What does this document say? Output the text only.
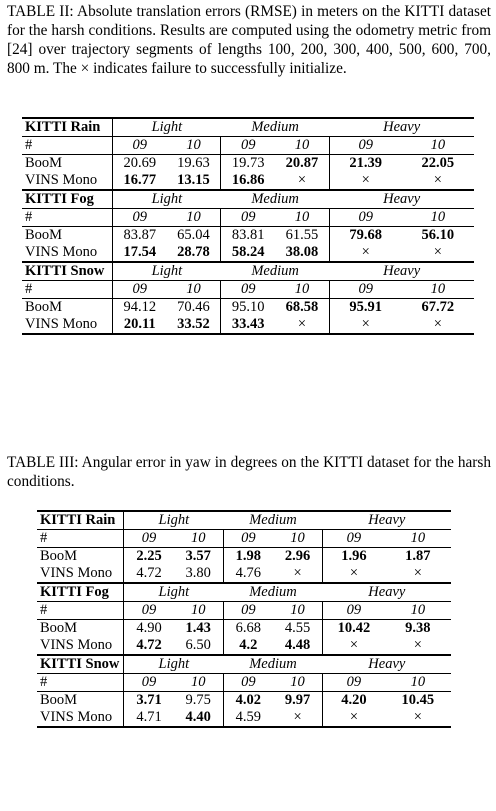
TABLE II: Absolute translation errors (RMSE) in meters on the KITTI dataset for the harsh conditions. Results are computed using the odometry metric from [24] over trajectory segments of lengths 100, 200, 300, 400, 500, 600, 700, 800 m. The × indicates failure to successfully initialize.
KITTI Rain	Light		Medium		Heavy	
#	09	10	09	10	09	10
BooM	20.69	19.63	19.73	20.87	21.39	22.05
VINS Mono	16.77	13.15	16.86	×	×	×
KITTI Fog	Light		Medium		Heavy	
#	09	10	09	10	09	10
BooM	83.87	65.04	83.81	61.55	79.68	56.10
VINS Mono	17.54	28.78	58.24	38.08	×	×
KITTI Snow	Light		Medium		Heavy	
#	09	10	09	10	09	10
BooM	94.12	70.46	95.10	68.58	95.91	67.72
VINS Mono	20.11	33.52	33.43	×	×	×
TABLE III: Angular error in yaw in degrees on the KITTI dataset for the harsh conditions.
KITTI Rain	Light		Medium		Heavy	
#	09	10	09	10	09	10
BooM	2.25	3.57	1.98	2.96	1.96	1.87
VINS Mono	4.72	3.80	4.76	×	×	×
KITTI Fog	Light		Medium		Heavy	
#	09	10	09	10	09	10
BooM	4.90	1.43	6.68	4.55	10.42	9.38
VINS Mono	4.72	6.50	4.2	4.48	×	×
KITTI Snow	Light		Medium		Heavy	
#	09	10	09	10	09	10
BooM	3.71	9.75	4.02	9.97	4.20	10.45
VINS Mono	4.71	4.40	4.59	×	×	×
